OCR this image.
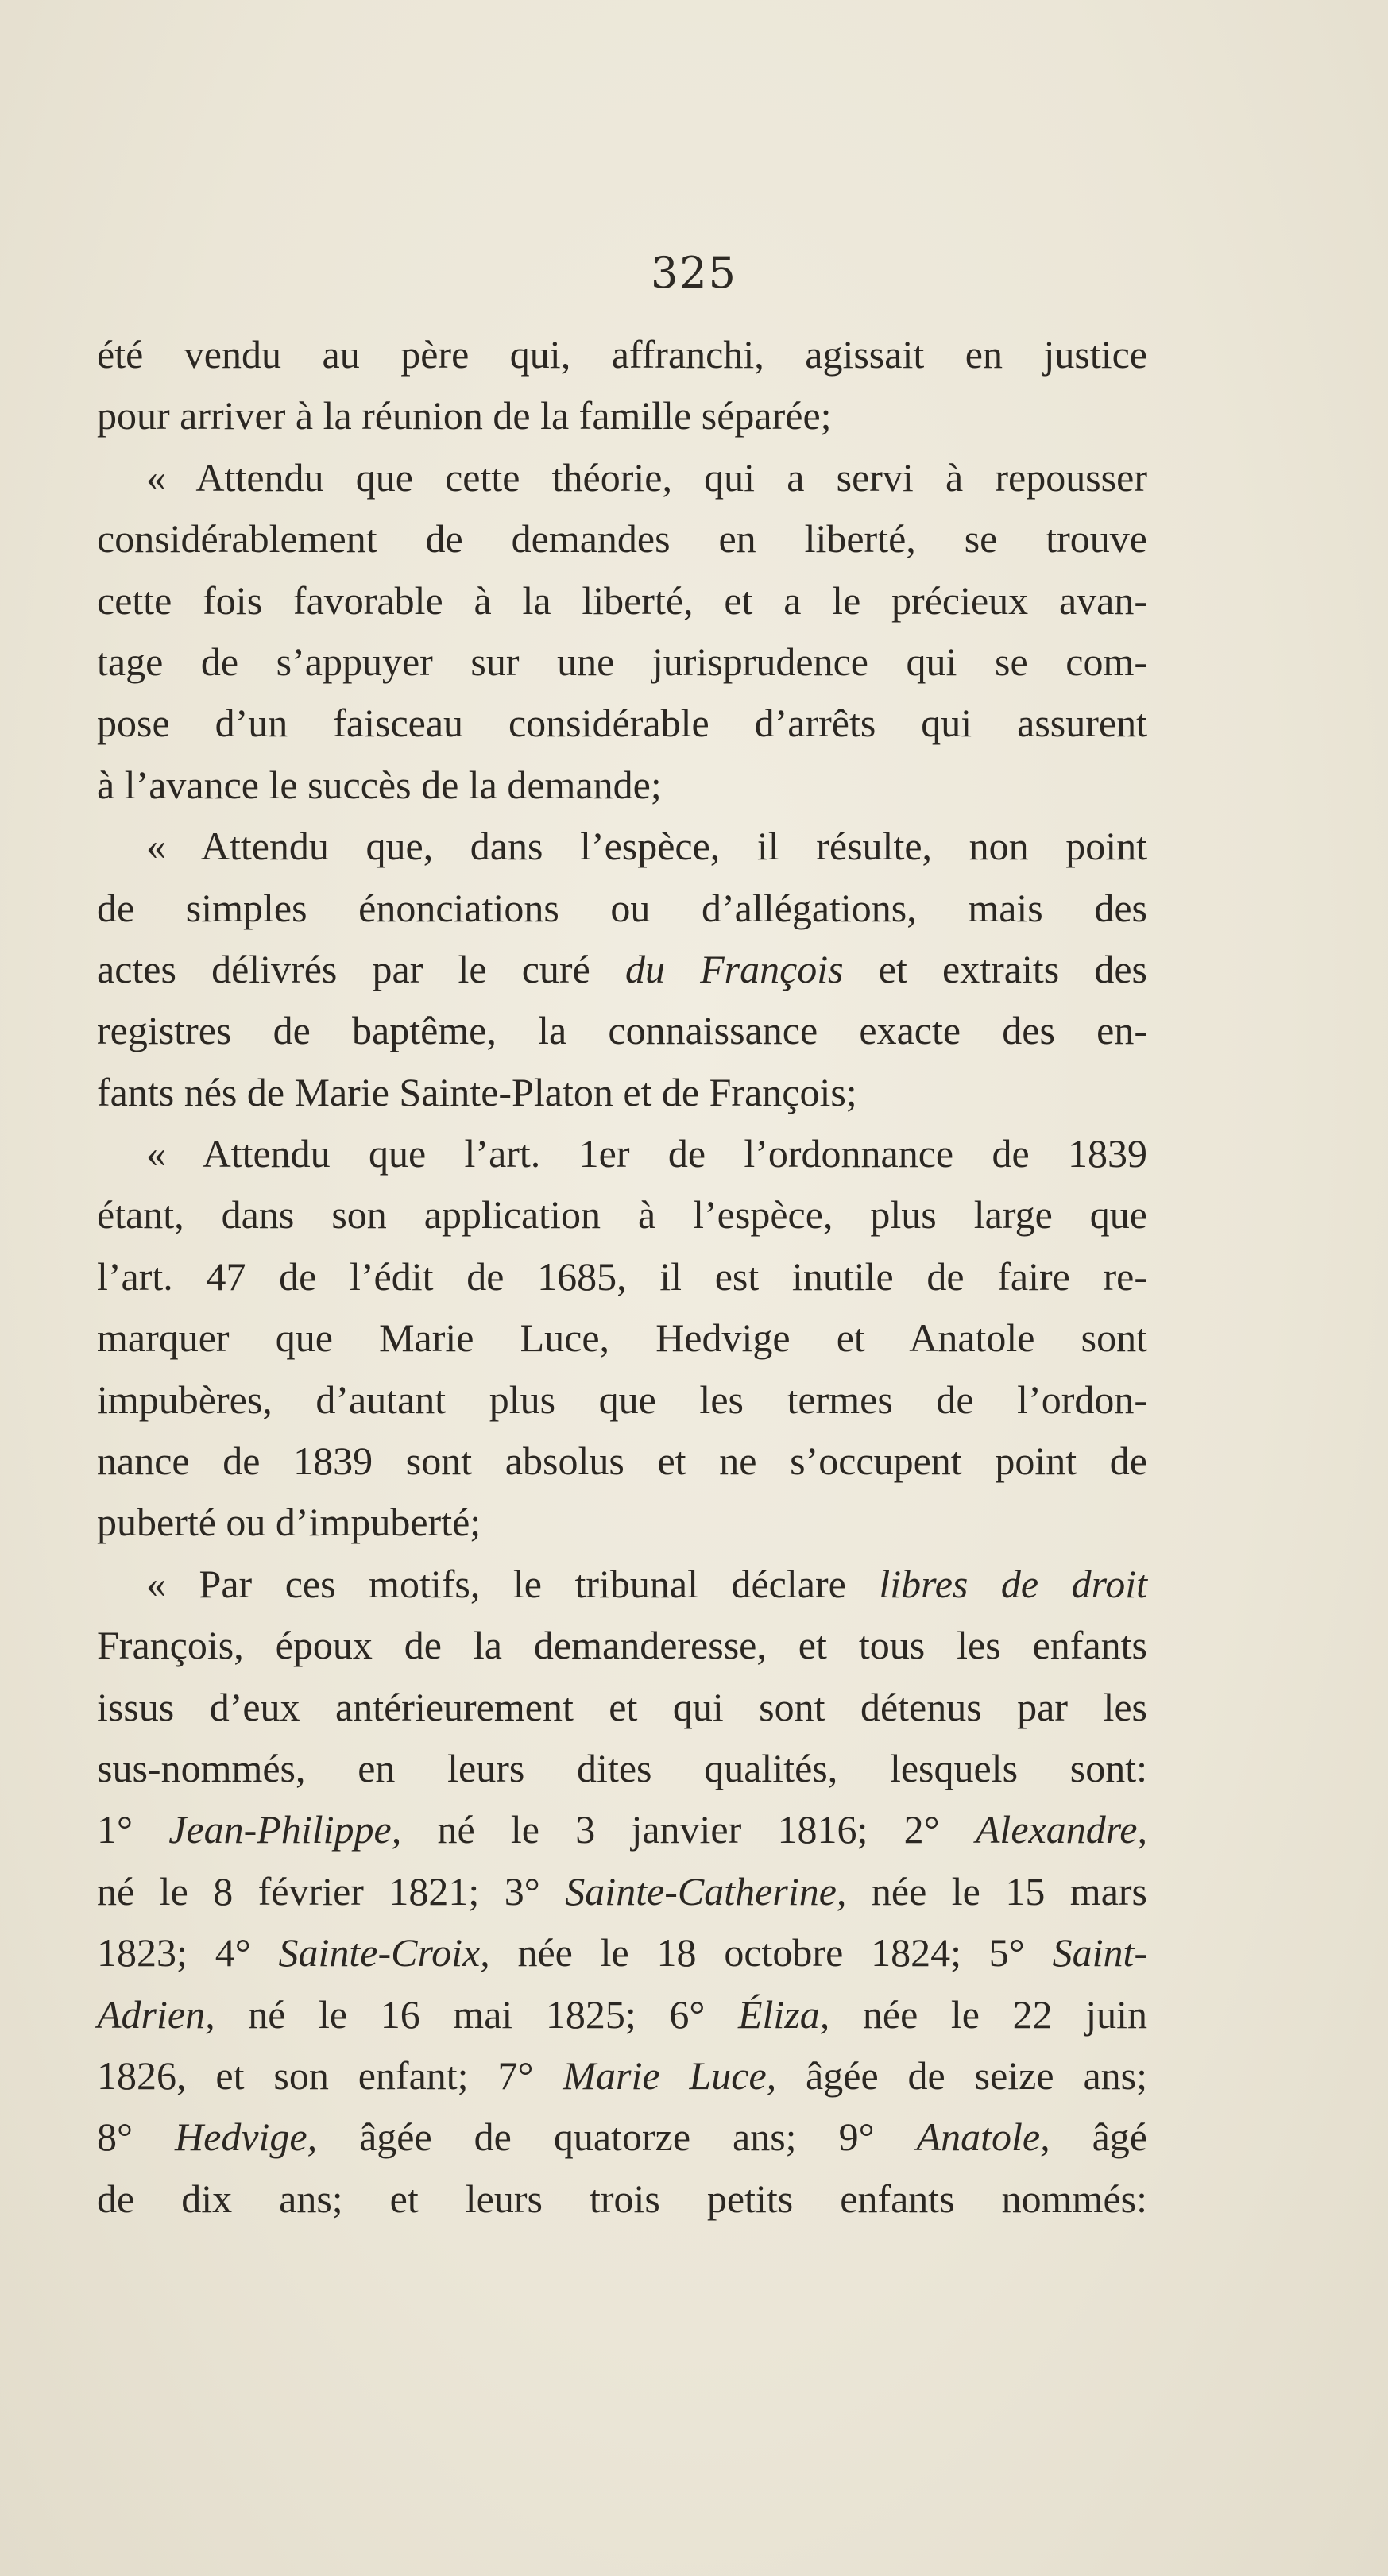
325
été vendu au père qui, affranchi, agissait en justice
pour arriver à la réunion de la famille séparée;
« Attendu que cette théorie, qui a servi à repousser
considérablement de demandes en liberté, se trouve
cette fois favorable à la liberté, et a le précieux avan-
tage de s’appuyer sur une jurisprudence qui se com-
pose d’un faisceau considérable d’arrêts qui assurent
à l’avance le succès de la demande;
« Attendu que, dans l’espèce, il résulte, non point
de simples énonciations ou d’allégations, mais des
actes délivrés par le curé du François et extraits des
registres de baptême, la connaissance exacte des en-
fants nés de Marie Sainte-Platon et de François;
« Attendu que l’art. 1er de l’ordonnance de 1839
étant, dans son application à l’espèce, plus large que
l’art. 47 de l’édit de 1685, il est inutile de faire re-
marquer que Marie Luce, Hedvige et Anatole sont
impubères, d’autant plus que les termes de l’ordon-
nance de 1839 sont absolus et ne s’occupent point de
puberté ou d’impuberté;
« Par ces motifs, le tribunal déclare libres de droit
François, époux de la demanderesse, et tous les enfants
issus d’eux antérieurement et qui sont détenus par les
sus-nommés, en leurs dites qualités, lesquels sont:
1° Jean-Philippe, né le 3 janvier 1816; 2° Alexandre,
né le 8 février 1821; 3° Sainte-Catherine, née le 15 mars
1823; 4° Sainte-Croix, née le 18 octobre 1824; 5° Saint-
Adrien, né le 16 mai 1825; 6° Éliza, née le 22 juin
1826, et son enfant; 7° Marie Luce, âgée de seize ans;
8° Hedvige, âgée de quatorze ans; 9° Anatole, âgé
de dix ans; et leurs trois petits enfants nommés:
